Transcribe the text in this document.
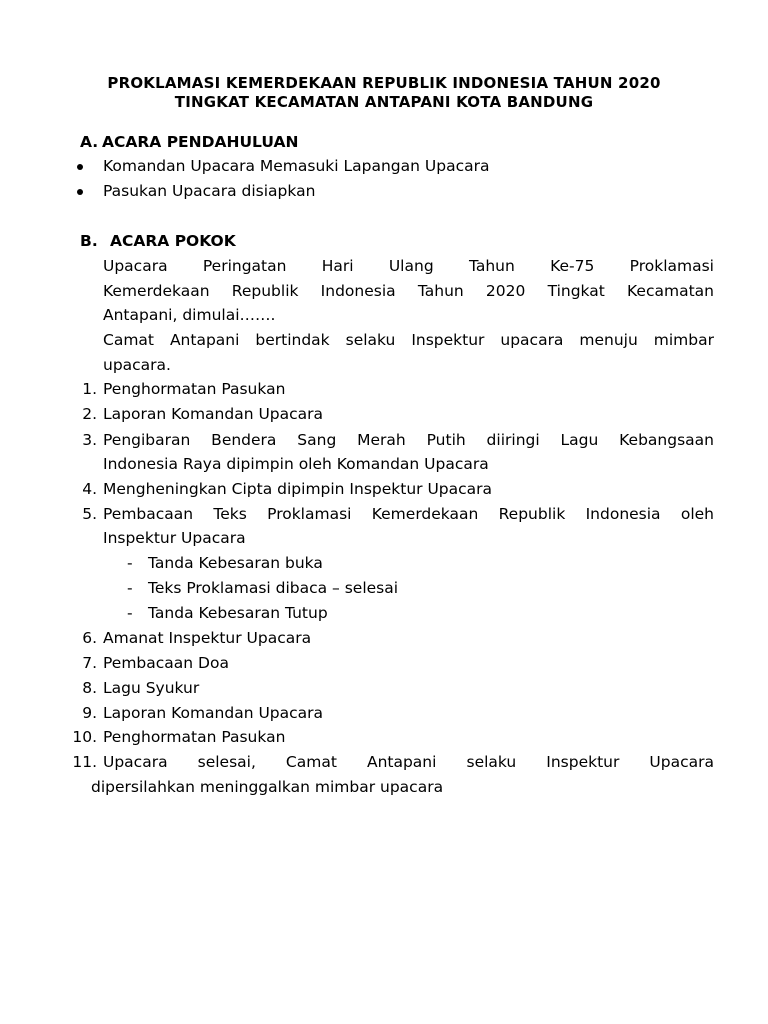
PROKLAMASI KEMERDEKAAN REPUBLIK INDONESIA TAHUN 2020
TINGKAT KECAMATAN ANTAPANI KOTA BANDUNG
A. ACARA PENDAHULUAN
Komandan Upacara Memasuki Lapangan Upacara
Pasukan Upacara disiapkan
B. ACARA POKOK
Upacara Peringatan Hari Ulang Tahun Ke-75 Proklamasi
Kemerdekaan Republik Indonesia Tahun 2020 Tingkat Kecamatan
Antapani, dimulai…….
Camat Antapani bertindak selaku Inspektur upacara menuju mimbar
upacara.
1. Penghormatan Pasukan
2. Laporan Komandan Upacara
3. Pengibaran Bendera Sang Merah Putih diiringi Lagu Kebangsaan
Indonesia Raya dipimpin oleh Komandan Upacara
4. Mengheningkan Cipta dipimpin Inspektur Upacara
5. Pembacaan Teks Proklamasi Kemerdekaan Republik Indonesia oleh
Inspektur Upacara
- Tanda Kebesaran buka
- Teks Proklamasi dibaca – selesai
- Tanda Kebesaran Tutup
6. Amanat Inspektur Upacara
7. Pembacaan Doa
8. Lagu Syukur
9. Laporan Komandan Upacara
10. Penghormatan Pasukan
11. Upacara selesai, Camat Antapani selaku Inspektur Upacara
dipersilahkan meninggalkan mimbar upacara
